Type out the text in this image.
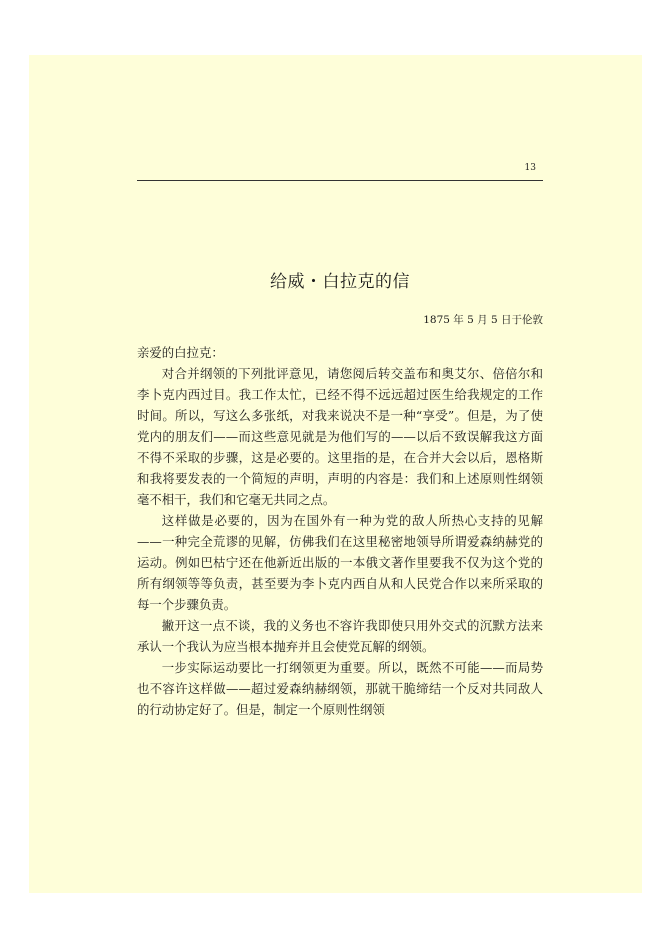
13
给威・白拉克的信
1875 年 5 月 5 日于伦敦

亲爱的白拉克：

对合并纲领的下列批评意见，请您阅后转交盖布和奥艾尔、倍倍尔和李卜克内西过目。我工作太忙，已经不得不远远超过医生给我规定的工作时间。所以，写这么多张纸，对我来说决不是一种“享受”。但是，为了使党内的朋友们——而这些意见就是为他们写的——以后不致误解我这方面不得不采取的步骤，这是必要的。这里指的是，在合并大会以后，恩格斯和我将要发表的一个简短的声明，声明的内容是：我们和上述原则性纲领毫不相干，我们和它毫无共同之点。

这样做是必要的，因为在国外有一种为党的敌人所热心支持的见解——一种完全荒谬的见解，仿佛我们在这里秘密地领导所谓爱森纳赫党的运动。例如巴枯宁还在他新近出版的一本俄文著作里要我不仅为这个党的所有纲领等等负责，甚至要为李卜克内西自从和人民党合作以来所采取的每一个步骤负责。

撇开这一点不谈，我的义务也不容许我即使只用外交式的沉默方法来承认一个我认为应当根本抛弃并且会使党瓦解的纲领。

一步实际运动要比一打纲领更为重要。所以，既然不可能——而局势也不容许这样做——超过爱森纳赫纲领，那就干脆缔结一个反对共同敌人的行动协定好了。但是，制定一个原则性纲领
